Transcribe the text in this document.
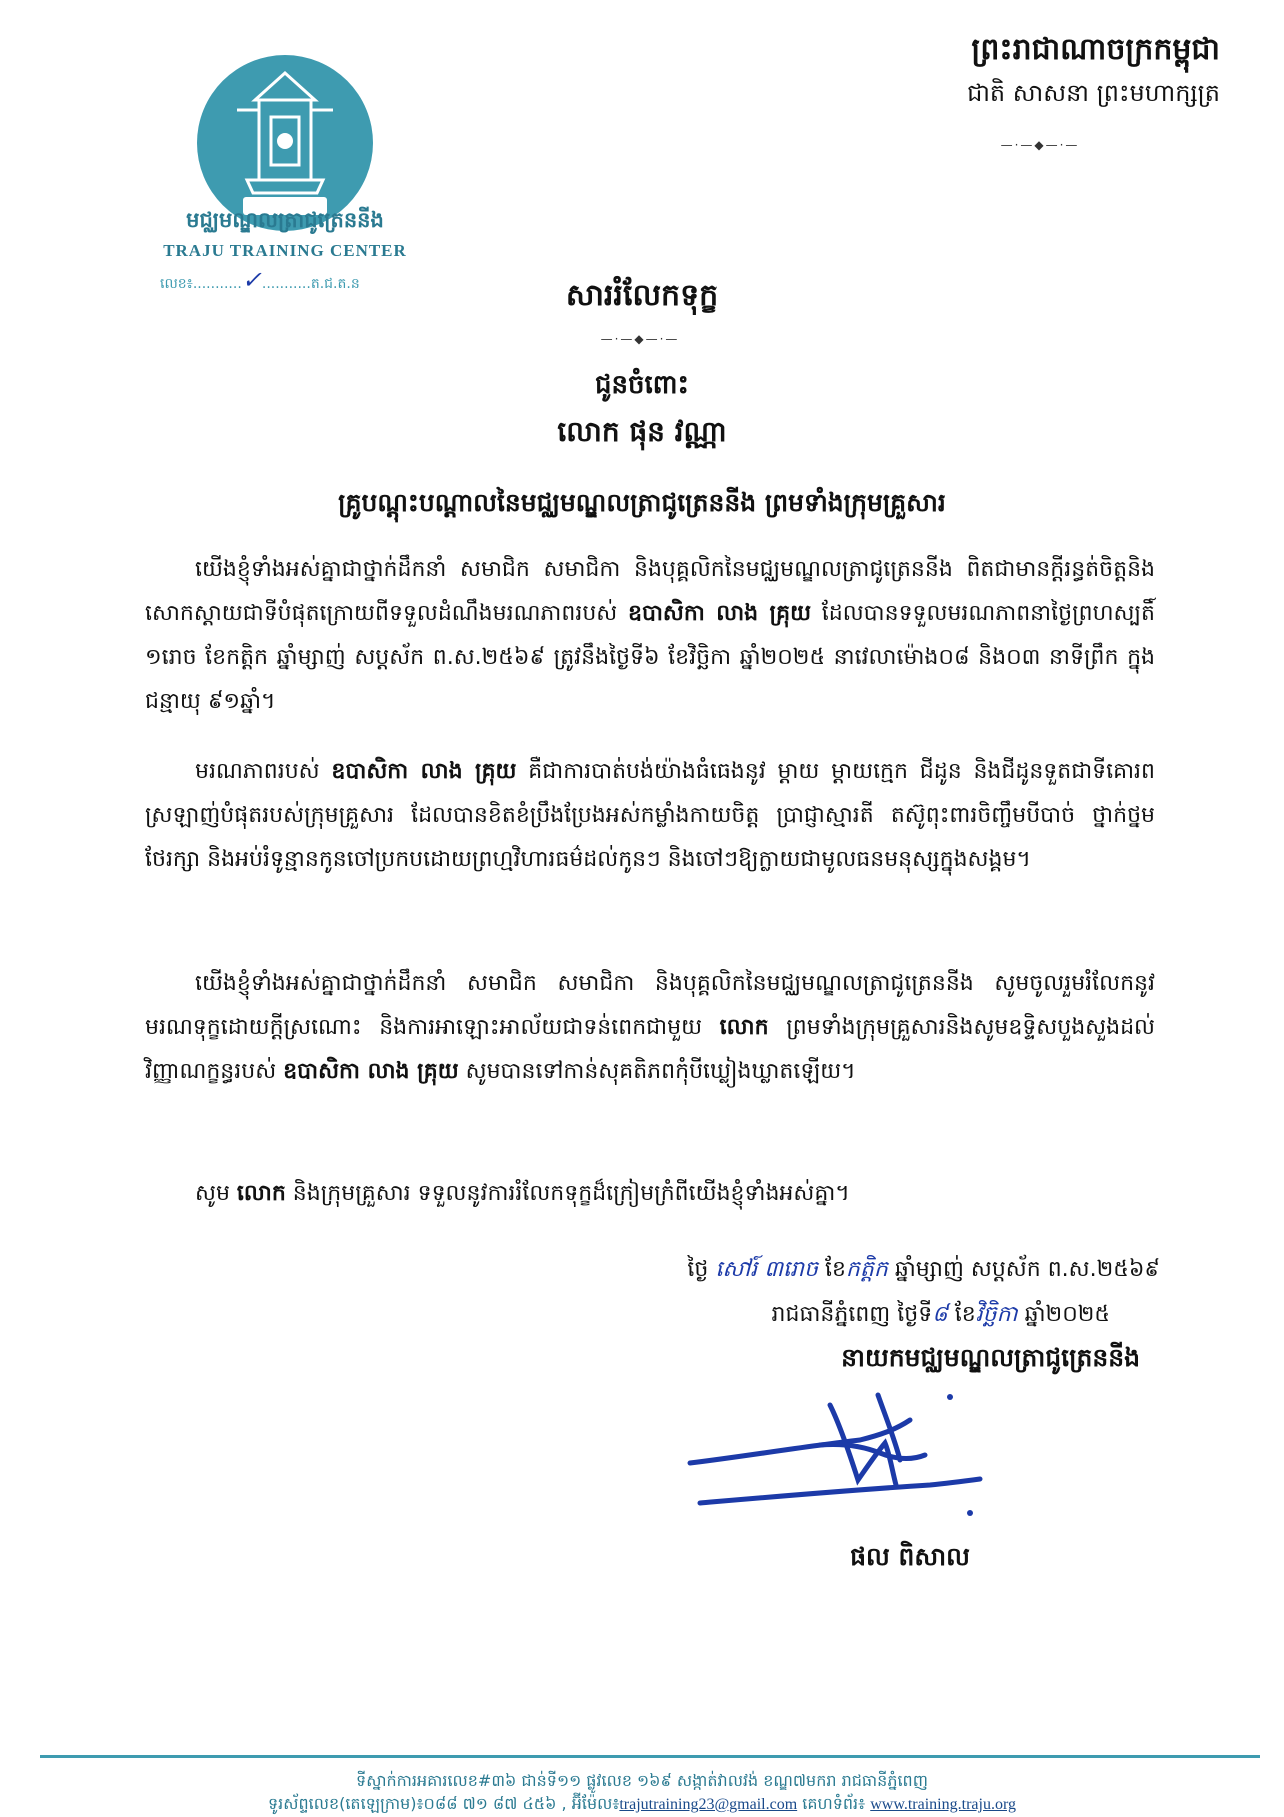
មជ្ឈមណ្ឌលត្រាជូត្រេននីង
TRAJU TRAINING CENTER
លេខ៖...........✓...........ត.ជ.ត.ន
ព្រះរាជាណាចក្រកម្ពុជា
ជាតិ សាសនា ព្រះមហាក្សត្រ
—·—◆—·—
សាររំលែកទុក្ខ
—·—◆—·—
ជូនចំពោះ
លោក ផុន វណ្ណា
គ្រូបណ្តុះបណ្តាលនៃមជ្ឈមណ្ឌលត្រាជូត្រេននីង ព្រមទាំងក្រុមគ្រួសារ
យើងខ្ញុំទាំងអស់គ្នាជាថ្នាក់ដឹកនាំ សមាជិក សមាជិកា និងបុគ្គលិកនៃមជ្ឈមណ្ឌលត្រាជូត្រេននីង ពិតជាមានក្តីរន្ធត់ចិត្តនិងសោកស្តាយជាទីបំផុតក្រោយពីទទួលដំណឹងមរណភាពរបស់ ឧបាសិកា លាង គ្រុយ ដែលបានទទួលមរណភាពនាថ្ងៃព្រហស្បតិ៍ ១រោច ខែកត្តិក ឆ្នាំម្សាញ់ សប្តស័ក ព.ស.២៥៦៩ ត្រូវនឹងថ្ងៃទី៦ ខែវិច្ឆិកា ឆ្នាំ២០២៥ នាវេលាម៉ោង០៨ និង០៣ នាទីព្រឹក ក្នុងជន្មាយុ ៩១ឆ្នាំ។
មរណភាពរបស់ ឧបាសិកា លាង គ្រុយ គឺជាការបាត់បង់យ៉ាងធំធេងនូវ ម្តាយ ម្តាយក្មេក ជីដូន និងជីដូនទួតជាទីគោរពស្រឡាញ់បំផុតរបស់ក្រុមគ្រួសារ ដែលបានខិតខំប្រឹងប្រែងអស់កម្លាំងកាយចិត្ត ប្រាជ្ញាស្មារតី តស៊ូពុះពារចិញ្ចឹមបីបាច់ ថ្នាក់ថ្នម ថែរក្សា និងអប់រំទូន្មានកូនចៅប្រកបដោយព្រហ្មវិហារធម៌ដល់កូនៗ និងចៅៗឱ្យក្លាយជាមូលធនមនុស្សក្នុងសង្គម។
យើងខ្ញុំទាំងអស់គ្នាជាថ្នាក់ដឹកនាំ សមាជិក សមាជិកា និងបុគ្គលិកនៃមជ្ឈមណ្ឌលត្រាជូត្រេននីង សូមចូលរួមរំលែកនូវមរណទុក្ខដោយក្តីស្រណោះ និងការអាឡោះអាល័យជាទន់ពេកជាមួយ លោក ព្រមទាំងក្រុមគ្រួសារនិងសូមឧទ្ទិសបួងសួងដល់វិញ្ញាណក្ខន្ធរបស់ ឧបាសិកា លាង គ្រុយ សូមបានទៅកាន់សុគតិភពកុំបីឃ្លៀងឃ្លាតឡើយ។
សូម លោក និងក្រុមគ្រួសារ ទទួលនូវការរំលែកទុក្ខដ៏ក្រៀមក្រំពីយើងខ្ញុំទាំងអស់គ្នា។
ថ្ងៃ សៅរ៍ ៣រោច ខែកត្តិក ឆ្នាំម្សាញ់ សប្តស័ក ព.ស.២៥៦៩
រាជធានីភ្នំពេញ ថ្ងៃទី៨ ខែវិច្ឆិកា ឆ្នាំ២០២៥
នាយកមជ្ឈមណ្ឌលត្រាជូត្រេននីង
ផល ពិសាល
ទីស្នាក់ការអគារលេខ#៣៦ ជាន់ទី១១ ផ្លូវលេខ ១៦៩ សង្កាត់វាលវង់ ខណ្ឌ៧មករា រាជធានីភ្នំពេញ
ទូរស័ព្ទលេខ(តេឡេក្រាម)៖០៨៨ ៧១ ៨៧ ៤៥៦ , អ៊ីម៉ែល៖trajutraining23@gmail.com គេហទំព័រ៖ www.training.traju.org
